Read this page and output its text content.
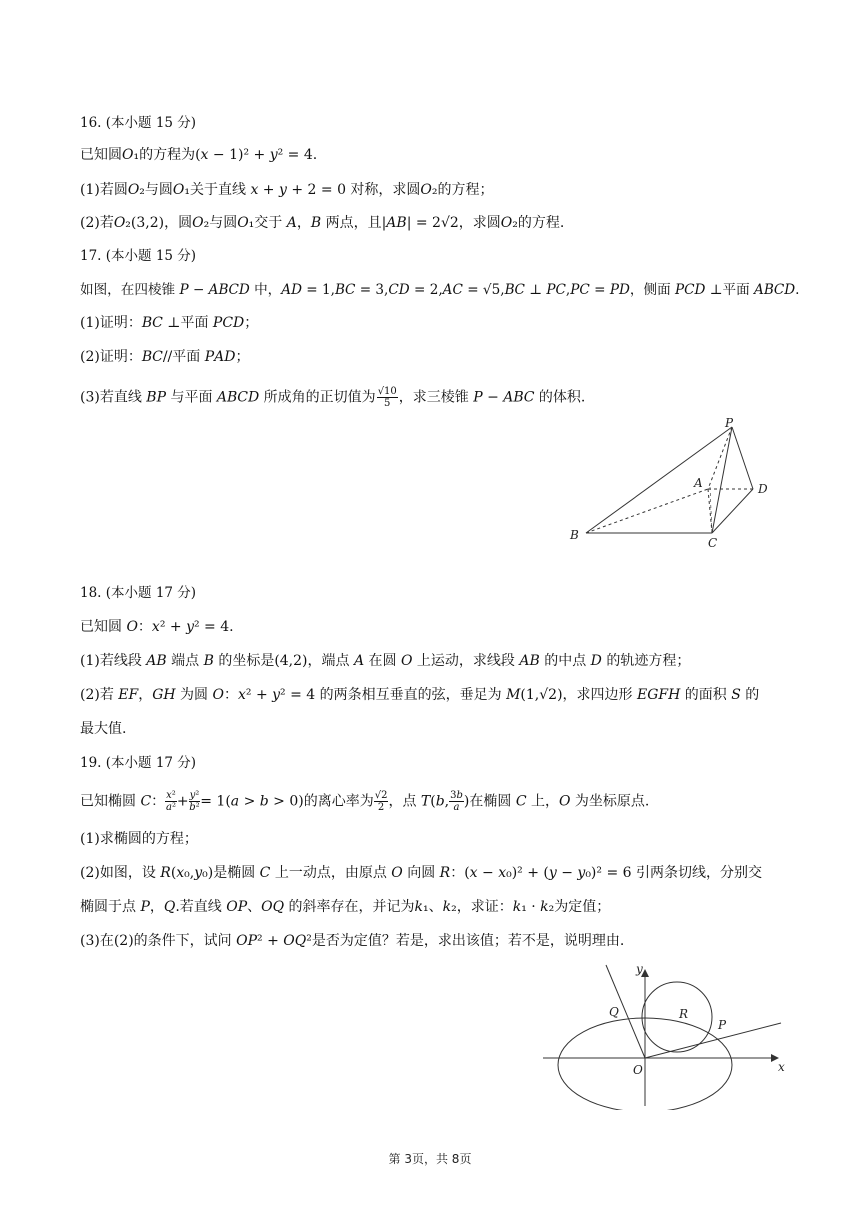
16. (本小题 15 分)
已知圆𝑂₁的方程为(𝑥 − 1)² + 𝑦² = 4.
(1)若圆𝑂₂与圆𝑂₁关于直线 𝑥 + 𝑦 + 2 = 0 对称，求圆𝑂₂的方程；
(2)若𝑂₂(3,2)，圆𝑂₂与圆𝑂₁交于 𝐴，𝐵 两点，且|𝐴𝐵| = 2√2，求圆𝑂₂的方程.
17. (本小题 15 分)
如图，在四棱锥 𝑃 − 𝐴𝐵𝐶𝐷 中，𝐴𝐷 = 1,𝐵𝐶 = 3,𝐶𝐷 = 2,𝐴𝐶 = √5,𝐵𝐶 ⊥ 𝑃𝐶,𝑃𝐶 = 𝑃𝐷，侧面 𝑃𝐶𝐷 ⊥平面 𝐴𝐵𝐶𝐷.
(1)证明：𝐵𝐶 ⊥平面 𝑃𝐶𝐷；
(2)证明：𝐵𝐶//平面 𝑃𝐴𝐷；
(3)若直线 𝐵𝑃 与平面 𝐴𝐵𝐶𝐷 所成角的正切值为 $\frac{√10}{5}$ ，求三棱锥 𝑃 − 𝐴𝐵𝐶 的体积.
P
A	D
B
C
18. (本小题 17 分)
已知圆 𝑂：𝑥² + 𝑦² = 4.
(1)若线段 𝐴𝐵 端点 𝐵 的坐标是(4,2)，端点 𝐴 在圆 𝑂 上运动，求线段 𝐴𝐵 的中点 𝐷 的轨迹方程；
(2)若 𝐸𝐹，𝐺𝐻 为圆 𝑂：𝑥² + 𝑦² = 4 的两条相互垂直的弦，垂足为 𝑀(1,√2)，求四边形 𝐸𝐺𝐹𝐻 的面积 𝑆 的
最大值.
19. (本小题 17 分)
已知椭圆 𝐶： 𝑥²
𝑎² + 𝑦²
𝑏² = 1(𝑎 > 𝑏 > 0)的离心率为 $\frac{√2}{2}$ ，点 𝑇(𝑏, 3𝑏
𝑎 )在椭圆 𝐶 上，𝑂 为坐标原点.
(1)求椭圆的方程；
(2)如图，设 𝑅(𝑥₀,𝑦₀)是椭圆 𝐶 上一动点，由原点 𝑂 向圆 𝑅：(𝑥 − 𝑥₀)² + (𝑦 − 𝑦₀)² = 6 引两条切线，分别交
椭圆于点 𝑃，𝑄.若直线 𝑂𝑃、𝑂𝑄 的斜率存在，并记为𝑘₁、𝑘₂，求证：𝑘₁ · 𝑘₂为定值；
(3)在(2)的条件下，试问 𝑂𝑃² + 𝑂𝑄²是否为定值？若是，求出该值；若不是，说明理由.
y
x
Q	R
P
O
第 3页，共 8页
